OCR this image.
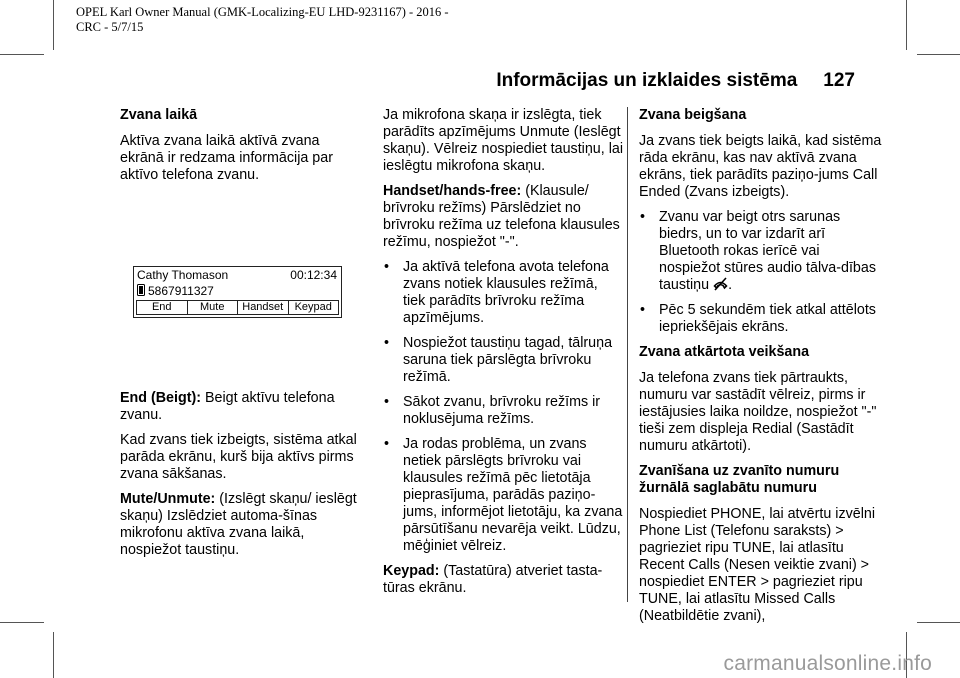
OPEL Karl Owner Manual (GMK-Localizing-EU LHD-9231167) - 2016 -
CRC - 5/7/15
Informācijas un izklaides sistēma 127

Zvana laikā

Aktīva zvana laikā aktīvā zvana ekrānā ir redzama informācija par aktīvo telefona zvanu.

Cathy Thomason	00:12:34
5867911327
End	Mute	Handset	Keypad

End (Beigt): Beigt aktīvu telefona zvanu.

Kad zvans tiek izbeigts, sistēma atkal parāda ekrānu, kurš bija aktīvs pirms zvana sākšanas.

Mute/Unmute: (Izslēgt skaņu/ ieslēgt skaņu) Izslēdziet automa-šīnas mikrofonu aktīva zvana laikā, nospiežot taustiņu.

Ja mikrofona skaņa ir izslēgta, tiek parādīts apzīmējums Unmute (Ieslēgt skaņu). Vēlreiz nospiediet taustiņu, lai ieslēgtu mikrofona skaņu.

Handset/hands-free: (Klausule/ brīvroku režīms) Pārslēdziet no brīvroku režīma uz telefona klausules režīmu, nospiežot "-".

• Ja aktīvā telefona avota telefona zvans notiek klausules režīmā, tiek parādīts brīvroku režīma apzīmējums.

• Nospiežot taustiņu tagad, tālruņa saruna tiek pārslēgta brīvroku režīmā.

• Sākot zvanu, brīvroku režīms ir noklusējuma režīms.

• Ja rodas problēma, un zvans netiek pārslēgts brīvroku vai klausules režīmā pēc lietotāja pieprasījuma, parādās paziņo-jums, informējot lietotāju, ka zvana pārsūtīšanu nevarēja veikt. Lūdzu, mēģiniet vēlreiz.

Keypad: (Tastatūra) atveriet tasta-tūras ekrānu.

Zvana beigšana

Ja zvans tiek beigts laikā, kad sistēma rāda ekrānu, kas nav aktīvā zvana ekrāns, tiek parādīts paziņo-jums Call Ended (Zvans izbeigts).

• Zvanu var beigt otrs sarunas biedrs, un to var izdarīt arī Bluetooth rokas ierīcē vai nospiežot stūres audio tālva-dības taustiņu .

• Pēc 5 sekundēm tiek atkal attēlots iepriekšējais ekrāns.

Zvana atkārtota veikšana

Ja telefona zvans tiek pārtraukts, numuru var sastādīt vēlreiz, pirms ir iestājusies laika noildze, nospiežot "-" tieši zem displeja Redial (Sastādīt numuru atkārtoti).

Zvanīšana uz zvanīto numuru žurnālā saglabātu numuru

Nospiediet PHONE, lai atvērtu izvēlni Phone List (Telefonu saraksts) > pagrieziet ripu TUNE, lai atlasītu Recent Calls (Nesen veiktie zvani) > nospiediet ENTER > pagrieziet ripu TUNE, lai atlasītu Missed Calls (Neatbildētie zvani),

carmanualsonline.info
